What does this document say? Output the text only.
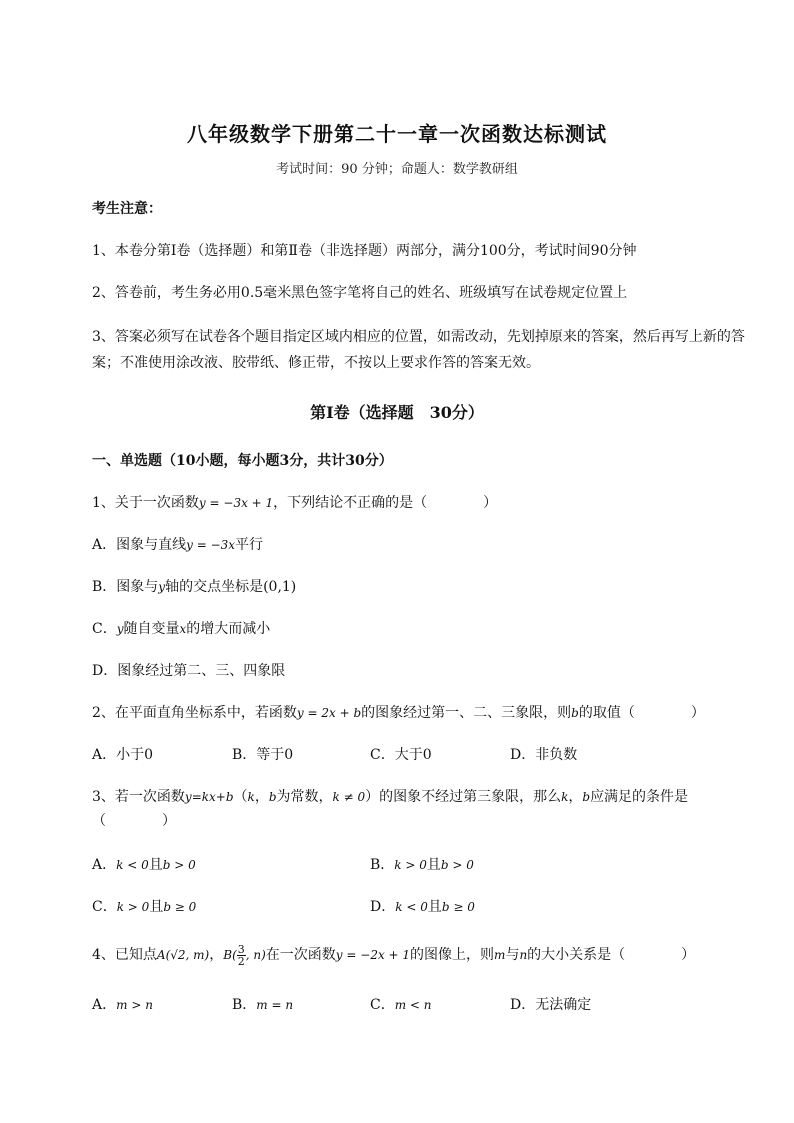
八年级数学下册第二十一章一次函数达标测试
考试时间：90 分钟；命题人：数学教研组
考生注意：
1、本卷分第I卷（选择题）和第Ⅱ卷（非选择题）两部分，满分100分，考试时间90分钟
2、答卷前，考生务必用0.5毫米黑色签字笔将自己的姓名、班级填写在试卷规定位置上
3、答案必须写在试卷各个题目指定区域内相应的位置，如需改动，先划掉原来的答案，然后再写上新的答案；不准使用涂改液、胶带纸、修正带，不按以上要求作答的答案无效。
第I卷（选择题　30分）
一、单选题（10小题，每小题3分，共计30分）
1、关于一次函数y = −3x + 1，下列结论不正确的是（　　　　）
A．图象与直线y = −3x平行
B．图象与y轴的交点坐标是(0,1)
C．y随自变量x的增大而减小
D．图象经过第二、三、四象限
2、在平面直角坐标系中，若函数y = 2x + b的图象经过第一、二、三象限，则b的取值（　　　　）
A．小于0	B．等于0	C．大于0	D．非负数
3、若一次函数y=kx+b（k，b为常数，k ≠ 0）的图象不经过第三象限，那么k，b应满足的条件是
（　　　　）
A．k < 0且b > 0	B．k > 0且b > 0
C．k > 0且b ≥ 0	D．k < 0且b ≥ 0
4、已知点A(√2, m)，$B( \frac{3}{2}$ , n)在一次函数y = −2x + 1的图像上，则m与n的大小关系是（　　　　）
A．m > n	B．m = n	C．m < n	D．无法确定
